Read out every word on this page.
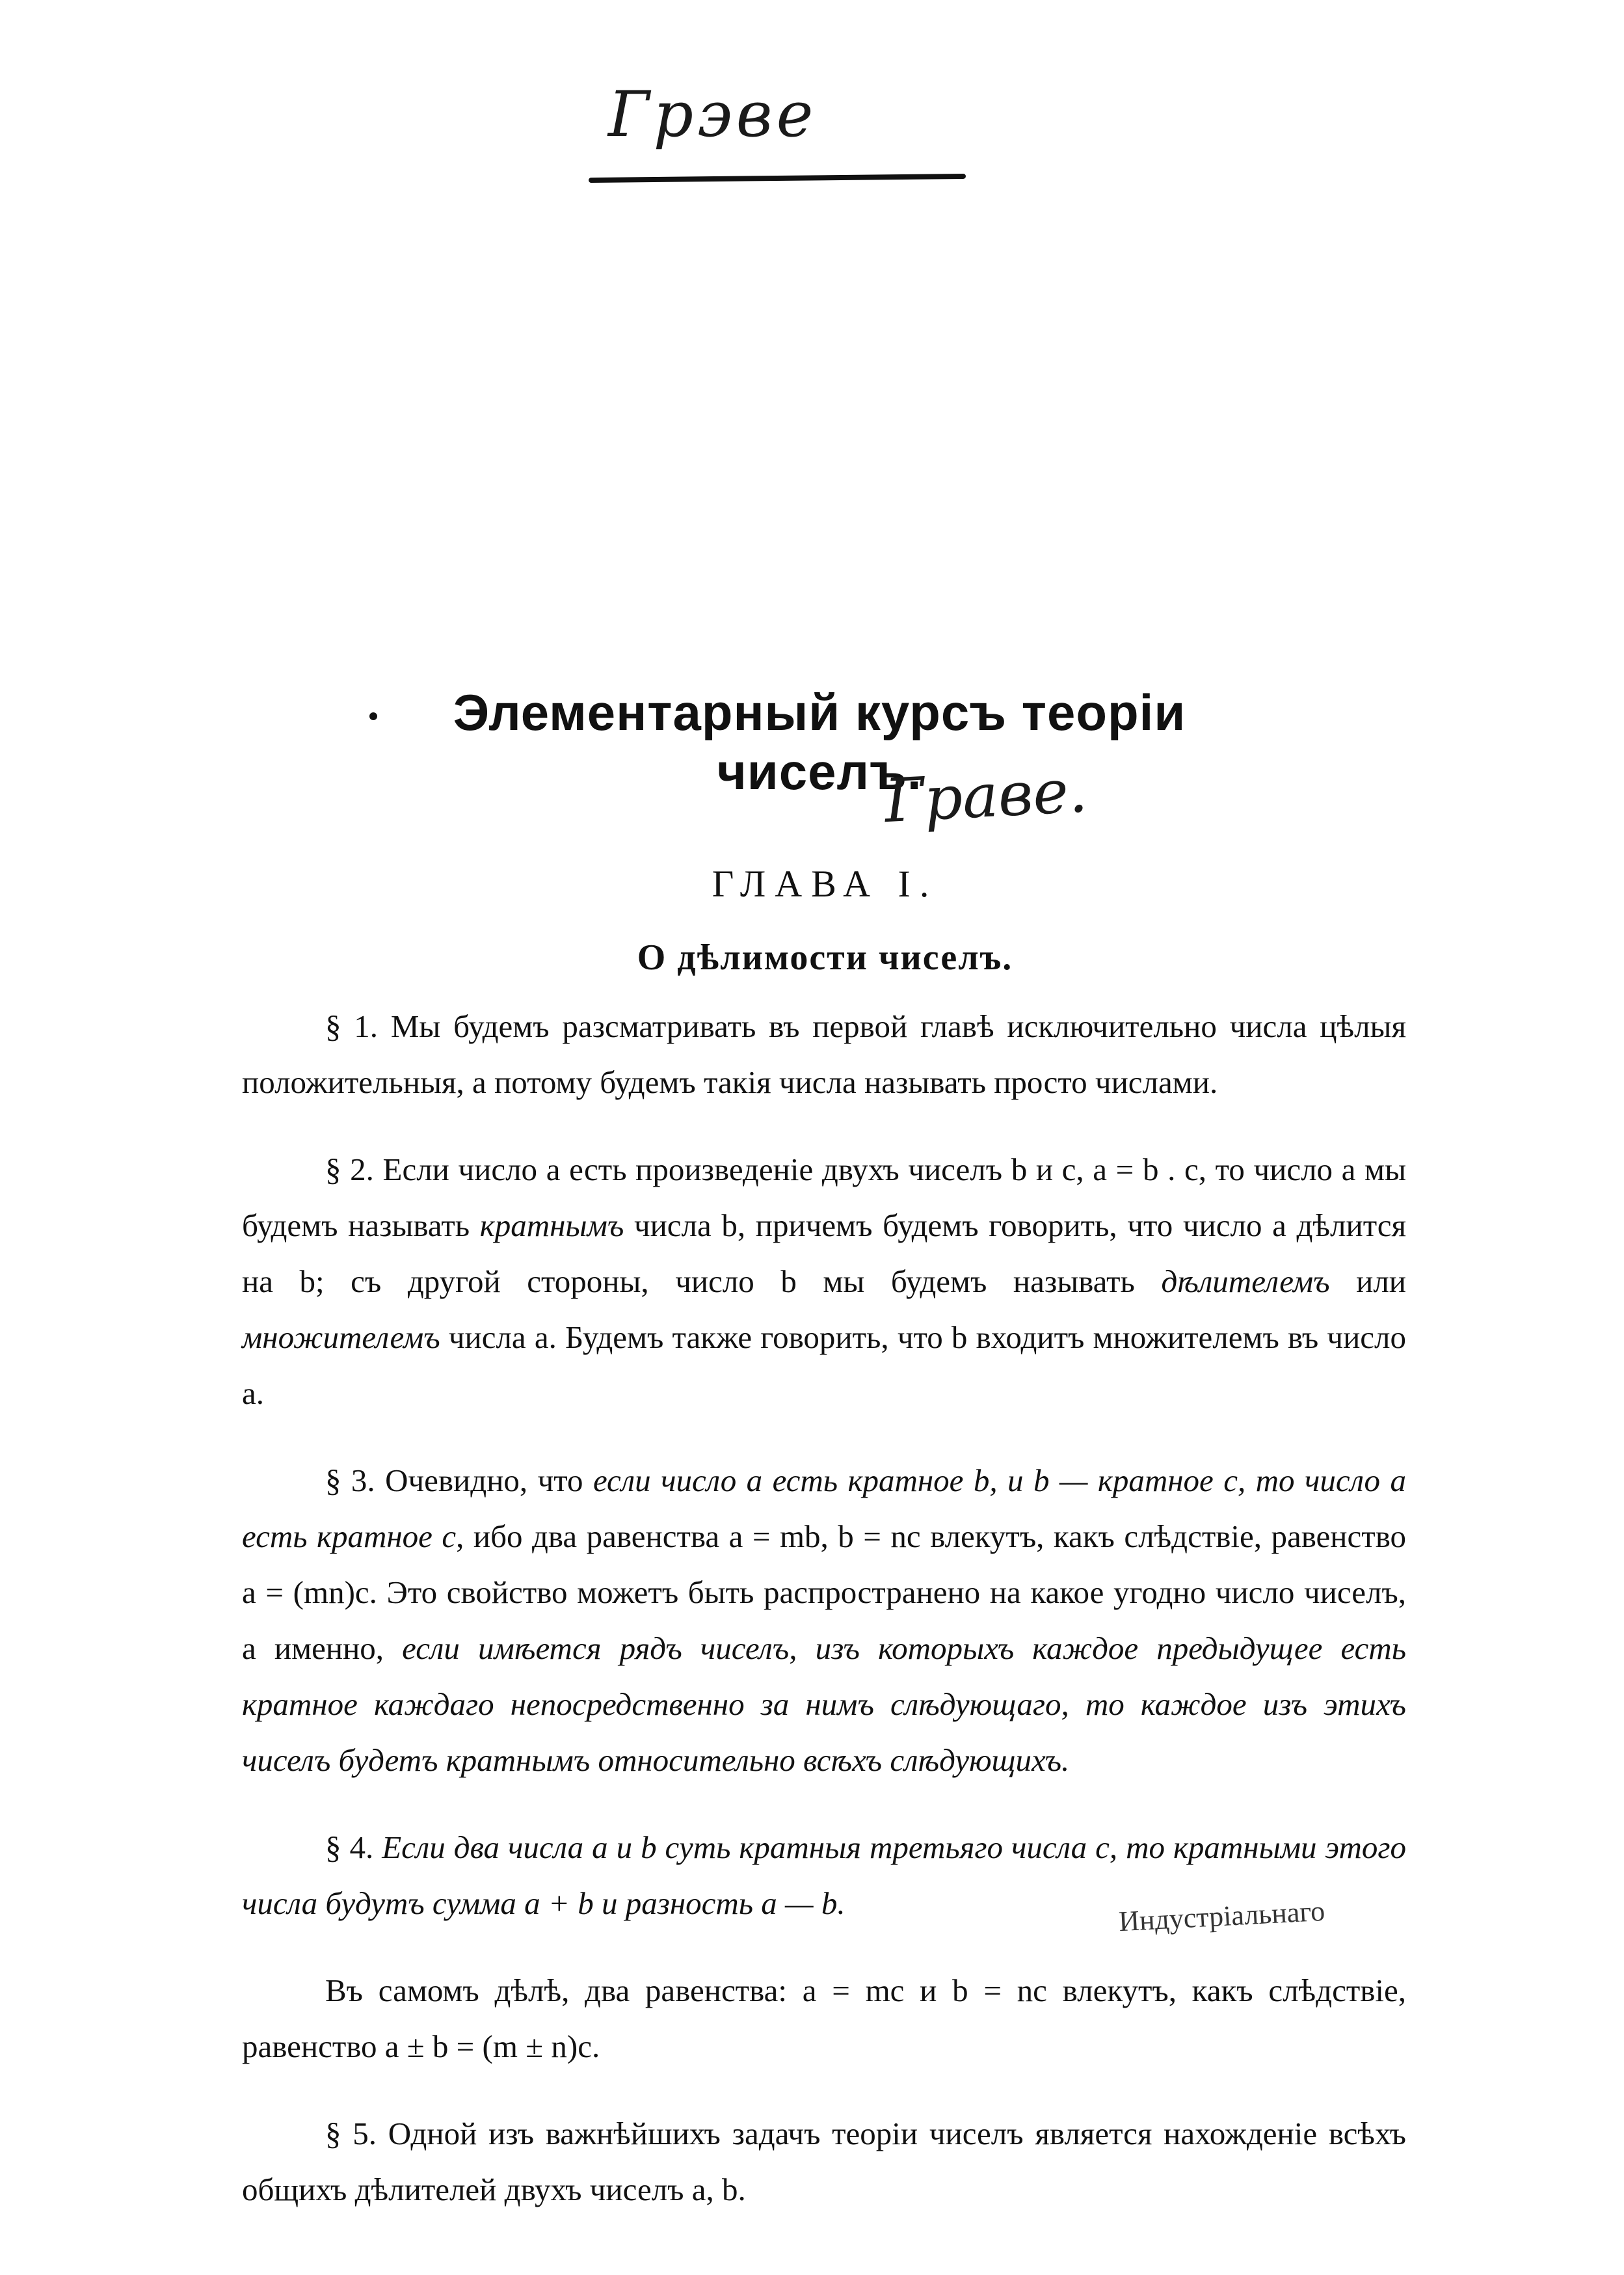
Грэве
Элементарный курсъ теоріи чиселъ.
Граве.
ГЛАВА I.
О дѣлимости чиселъ.

§ 1. Мы будемъ разсматривать въ первой главѣ исключительно числа цѣлыя положительныя, а потому будемъ такія числа называть просто числами.

§ 2. Если число a есть произведеніе двухъ чиселъ b и c, a = b . c, то число a мы будемъ называть кратнымъ числа b, причемъ будемъ говорить, что число a дѣлится на b; съ другой стороны, число b мы будемъ называть дѣлителемъ или множителемъ числа a. Будемъ также говорить, что b входитъ множителемъ въ число a.

§ 3. Очевидно, что если число a есть кратное b, и b — кратное c, то число a есть кратное c, ибо два равенства a = mb, b = nc влекутъ, какъ слѣдствіе, равенство a = (mn)c. Это свойство можетъ быть распространено на какое угодно число чиселъ, а именно, если имѣется рядъ чиселъ, изъ которыхъ каждое предыдущее есть кратное каждаго непосредственно за нимъ слѣдующаго, то каждое изъ этихъ чиселъ будетъ кратнымъ относительно всѣхъ слѣдующихъ.

§ 4. Если два числа a и b суть кратныя третьяго числа c, то кратными этого числа будутъ сумма a + b и разность a — b.

Въ самомъ дѣлѣ, два равенства: a = mc и b = nc влекутъ, какъ слѣдствіе, равенство a ± b = (m ± n)c.

§ 5. Одной изъ важнѣйшихъ задачъ теоріи чиселъ является нахожденіе всѣхъ общихъ дѣлителей двухъ чиселъ a, b.

Индустріальнаго
